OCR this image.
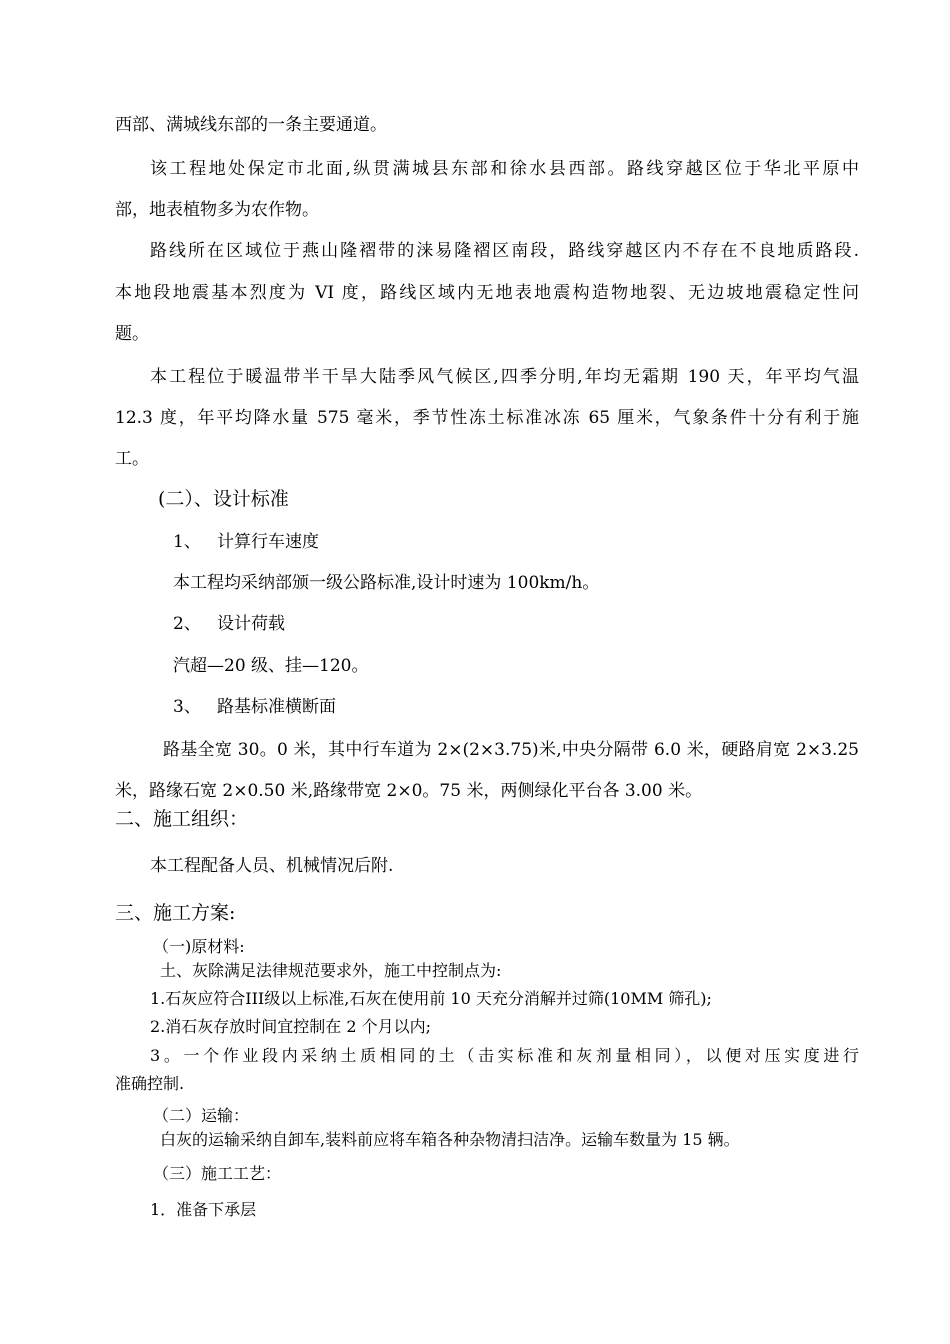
西部、满城线东部的一条主要通道。
该工程地处保定市北面,纵贯满城县东部和徐水县西部。路线穿越区位于华北平原中
部，地表植物多为农作物。
路线所在区域位于燕山隆褶带的涞易隆褶区南段，路线穿越区内不存在不良地质路段.
本地段地震基本烈度为 VI 度，路线区域内无地表地震构造物地裂、无边坡地震稳定性问
题。
本工程位于暖温带半干旱大陆季风气候区,四季分明,年均无霜期 190 天，年平均气温
12.3 度，年平均降水量 575 毫米，季节性冻土标准冰冻 65 厘米，气象条件十分有利于施
工。
(二）、设计标准
1、   计算行车速度
本工程均采纳部颁一级公路标准,设计时速为 100km/h。
2、   设计荷载
汽超—20 级、挂—120。
3、   路基标准横断面
路基全宽 30。0 米，其中行车道为 2×(2×3.75)米,中央分隔带 6.0 米，硬路肩宽 2×3.25
米，路缘石宽 2×0.50 米,路缘带宽 2×0。75 米，两侧绿化平台各 3.00 米。
二、施工组织：
本工程配备人员、机械情况后附.
三、施工方案:
（一)原材料:
土、灰除满足法律规范要求外，施工中控制点为:
1.石灰应符合III级以上标准,石灰在使用前 10 天充分消解并过筛(10MM 筛孔);
2.消石灰存放时间宜控制在 2 个月以内;
3。一个作业段内采纳土质相同的土（击实标准和灰剂量相同），以便对压实度进行
准确控制.
（二）运输：
白灰的运输采纳自卸车,装料前应将车箱各种杂物清扫洁净。运输车数量为 15 辆。
（三）施工工艺：
1．准备下承层
